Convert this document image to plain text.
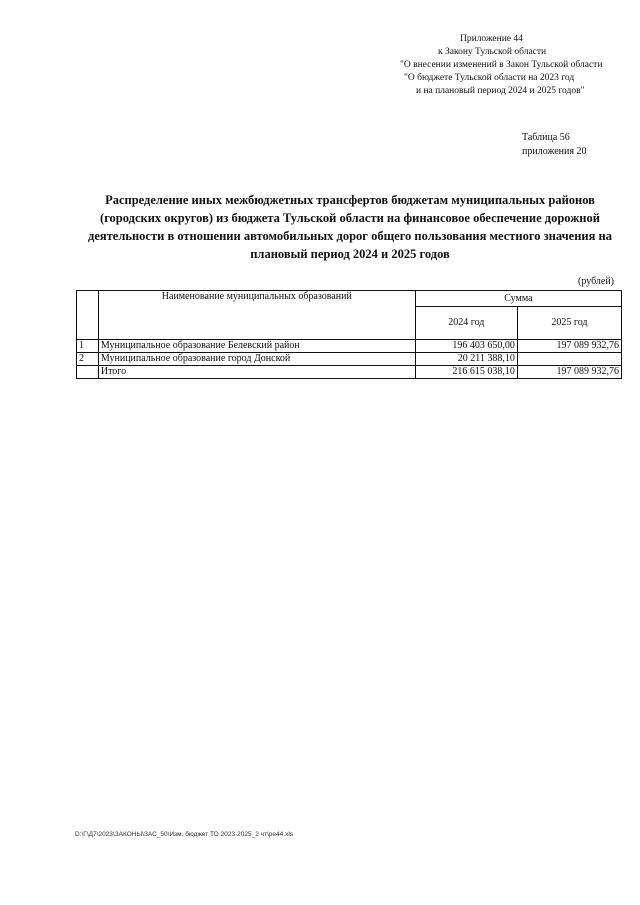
Приложение 44
к Закону Тульской области
"О внесении изменений в Закон Тульской области
"О бюджете Тульской области на 2023 год
и на плановый период 2024 и 2025 годов"
Таблица 56
приложения 20
Распределение иных межбюджетных трансфертов бюджетам муниципальных районов (городских округов) из бюджета Тульской области на финансовое обеспечение дорожной деятельности в отношении автомобильных дорог общего пользования местного значения на плановый период 2024 и 2025 годов
(рублей)
	Наименование муниципальных образований	Сумма	
		2024 год	2025 год
1	Муниципальное образование Белевский район	196 403 650,00	197 089 932,76
2	Муниципальное образование город Донской	20 211 388,10	
	Итого	216 615 038,10	197 089 932,76
D:\Г\Д7\2023\ЗАКОНЫ\ЗАС_50\Изм. бюджет ТО 2023-2025_2 чт\рe44.xls
